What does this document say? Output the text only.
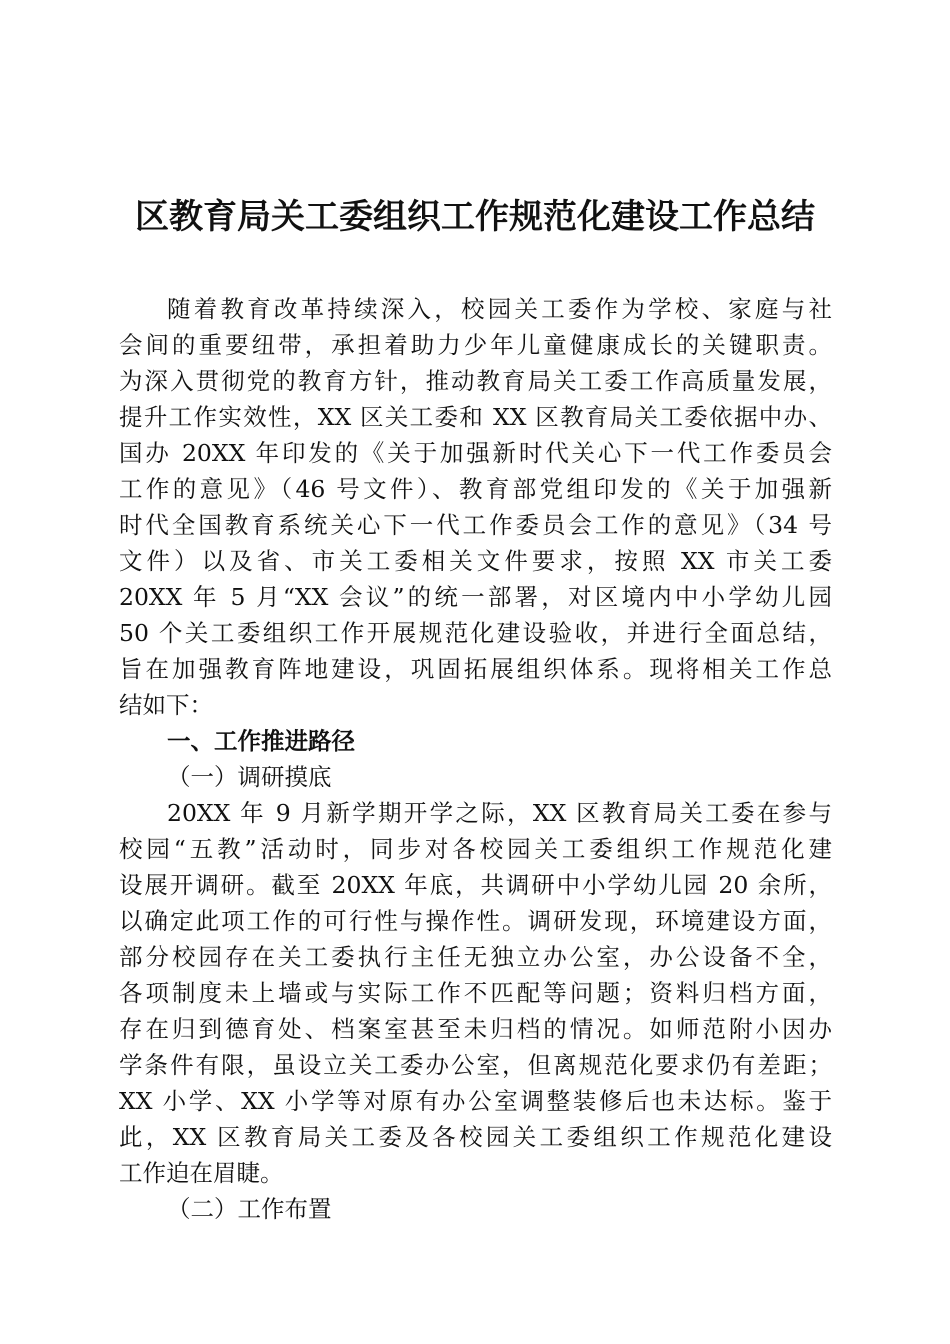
区教育局关工委组织工作规范化建设工作总结
随着教育改革持续深入，校园关工委作为学校、家庭与社
会间的重要纽带，承担着助力少年儿童健康成长的关键职责。
为深入贯彻党的教育方针，推动教育局关工委工作高质量发展，
提升工作实效性，XX 区关工委和 XX 区教育局关工委依据中办、
国办 20XX 年印发的《关于加强新时代关心下一代工作委员会
工作的意见》（46 号文件）、教育部党组印发的《关于加强新
时代全国教育系统关心下一代工作委员会工作的意见》（34 号
文件）以及省、市关工委相关文件要求，按照 XX 市关工委
20XX 年 5 月“XX 会议”的统一部署，对区境内中小学幼儿园
50 个关工委组织工作开展规范化建设验收，并进行全面总结，
旨在加强教育阵地建设，巩固拓展组织体系。现将相关工作总
结如下：
一、工作推进路径
（一）调研摸底
20XX 年 9 月新学期开学之际，XX 区教育局关工委在参与
校园“五教”活动时，同步对各校园关工委组织工作规范化建
设展开调研。截至 20XX 年底，共调研中小学幼儿园 20 余所，
以确定此项工作的可行性与操作性。调研发现，环境建设方面，
部分校园存在关工委执行主任无独立办公室，办公设备不全，
各项制度未上墙或与实际工作不匹配等问题；资料归档方面，
存在归到德育处、档案室甚至未归档的情况。如师范附小因办
学条件有限，虽设立关工委办公室，但离规范化要求仍有差距；
XX 小学、XX 小学等对原有办公室调整装修后也未达标。鉴于
此，XX 区教育局关工委及各校园关工委组织工作规范化建设
工作迫在眉睫。
（二）工作布置
